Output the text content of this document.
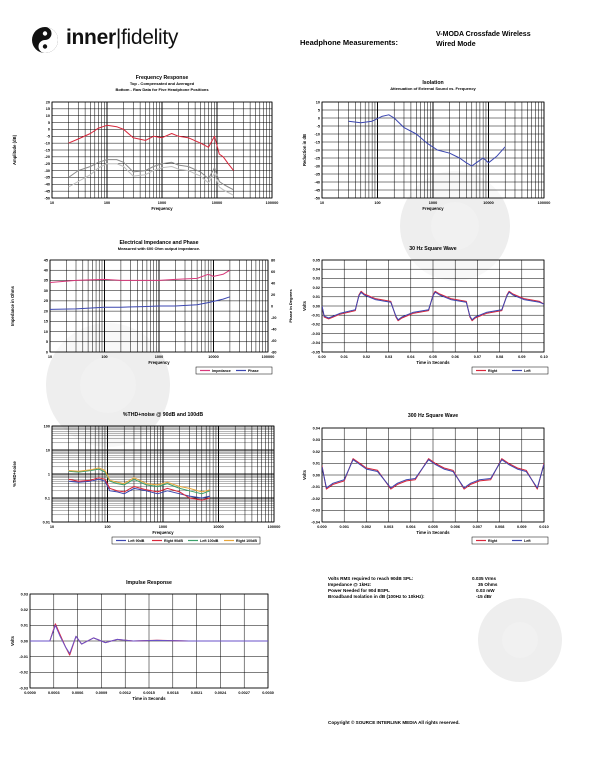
inner|fidelity	Headphone Measurements:
V-MODA Crossfade Wireless
Wired Mode
Frequency Response
Top - Compensated and Averaged
Bottom - Raw Data for Five Headphone Positions
10	100	1000	10000	100000
20
15
10
5
0
-5
-10
-15
-20
-25
-30
-35
-40
-45
-50
Frequency
Amplitude (dB)
Isolation
Attenuation of External Sound vs. Frequency
10	100	1000	10000	100000
10
5
0
-5
-10
-15
-20
-25
-30
-35
-40
-45
-50
Frequency
Reduction in dB
Electrical Impedance and Phase
Measured with 600 Ohm output impedance.
10	100	1000	10000	100000
45
40
35
30
25
20
15
10
5
0
80
60
40
20
0
-20
-40
-60
-80
Phase in Degrees
Frequency
Impedance in Ohms
Impedance	Phase
30 Hz Square Wave
0.00	0.01	0.02	0.03	0.04	0.05	0.06	0.07	0.08	0.09	0.10
0.05
0.04
0.03
0.02
0.01
0.00
-0.01
-0.02
-0.03
-0.04
-0.05
Time in Seconds
Volts
Right	Left
%THD+noise @ 90dB and 100dB
10	100	1000	10000	100000
100
10
1
0.1
0.01
Frequency
%THD+noise
Left 90dB	Right 90dB	Left 100dB	Right 100dB
300 Hz Square Wave
0.000	0.001	0.002	0.003	0.004	0.005	0.006	0.007	0.008	0.009	0.010
0.04
0.03
0.02
0.01
0.00
-0.01
-0.02
-0.03
-0.04
Time in Seconds
Volts
Right	Left
Impulse Response
0.0000	0.0003	0.0006	0.0009	0.0012	0.0015	0.0018	0.0021	0.0024	0.0027	0.0030
0.03
0.02
0.01
0.00
-0.01
-0.02
-0.03
Time in Seconds
Volts
Volts RMS required to reach 90dB SPL:	0.035 Vrms
Impedance @ 1kHz:	35 Ohms
Power Needed for 90d BSPL	0.03 mW
Broadband Isolation in dB (100Hz to 10kHz):	-15 dBr
Copyright © SOURCE INTERLINK MEDIA All rights reserved.
